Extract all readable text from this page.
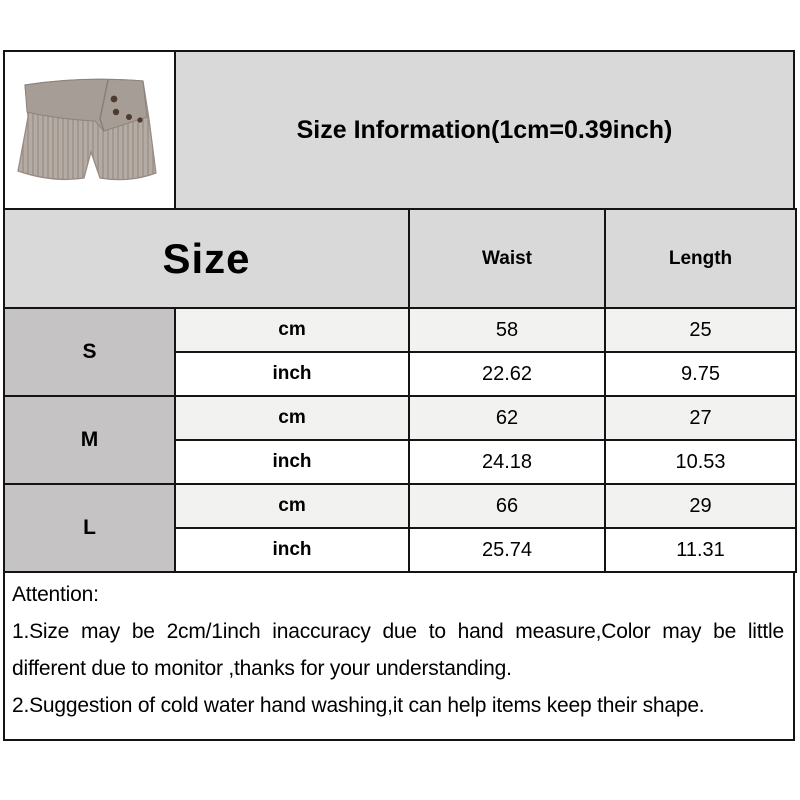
Size Information(1cm=0.39inch)
Size		Waist	Length
S	cm	58	25
	inch	22.62	9.75
M	cm	62	27
	inch	24.18	10.53
L	cm	66	29
	inch	25.74	11.31

Attention:

1.Size may be 2cm/1inch inaccuracy due to hand measure,Color may be little different due to monitor ,thanks for your understanding.

2.Suggestion of cold water hand washing,it can help items keep their shape.
